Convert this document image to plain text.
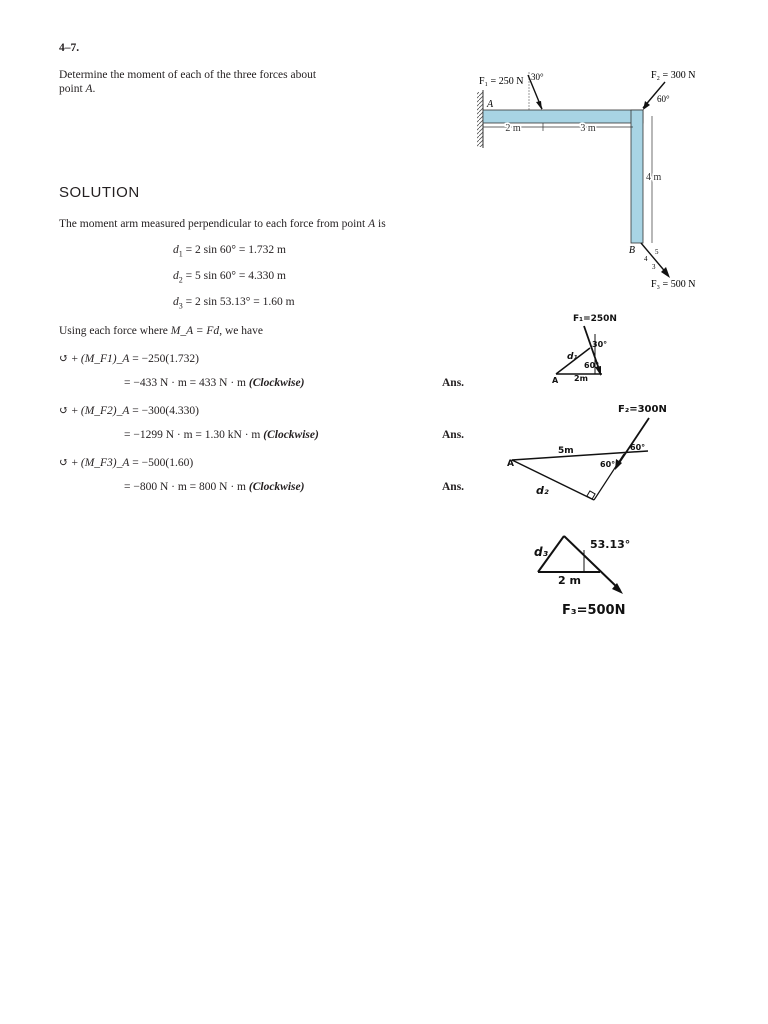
4–7.
Determine the moment of each of the three forces about
point A.
SOLUTION
The moment arm measured perpendicular to each force from point A is
$d_1 = 2$ sin 60° = 1.732 m
$d_2 = 5$ sin 60° = 4.330 m
$d_3 = 2$ sin 53.13° = 1.60 m
Using each force where M_A = Fd, we have
↺ + (M_F1)_A = −250(1.732)
= −433 N · m = 433 N · m (Clockwise)	Ans.
↺ + (M_F2)_A = −300(4.330)
= −1299 N · m = 1.30 kN · m (Clockwise)	Ans.
↺ + (M_F3)_A = −500(1.60)
= −800 N · m = 800 N · m (Clockwise)	Ans.
A
B
2 m	3 m
4 m
F₁ = 250 N 30°	F₂ = 300 N
60°
F₃ = 500 N
5
4
3
F₁=250N
30°
60°
d₁
A 2m
F₂=300N
5m	60°
60°
A
d₂
d₃
53.13°
2 m
F₃=500N
